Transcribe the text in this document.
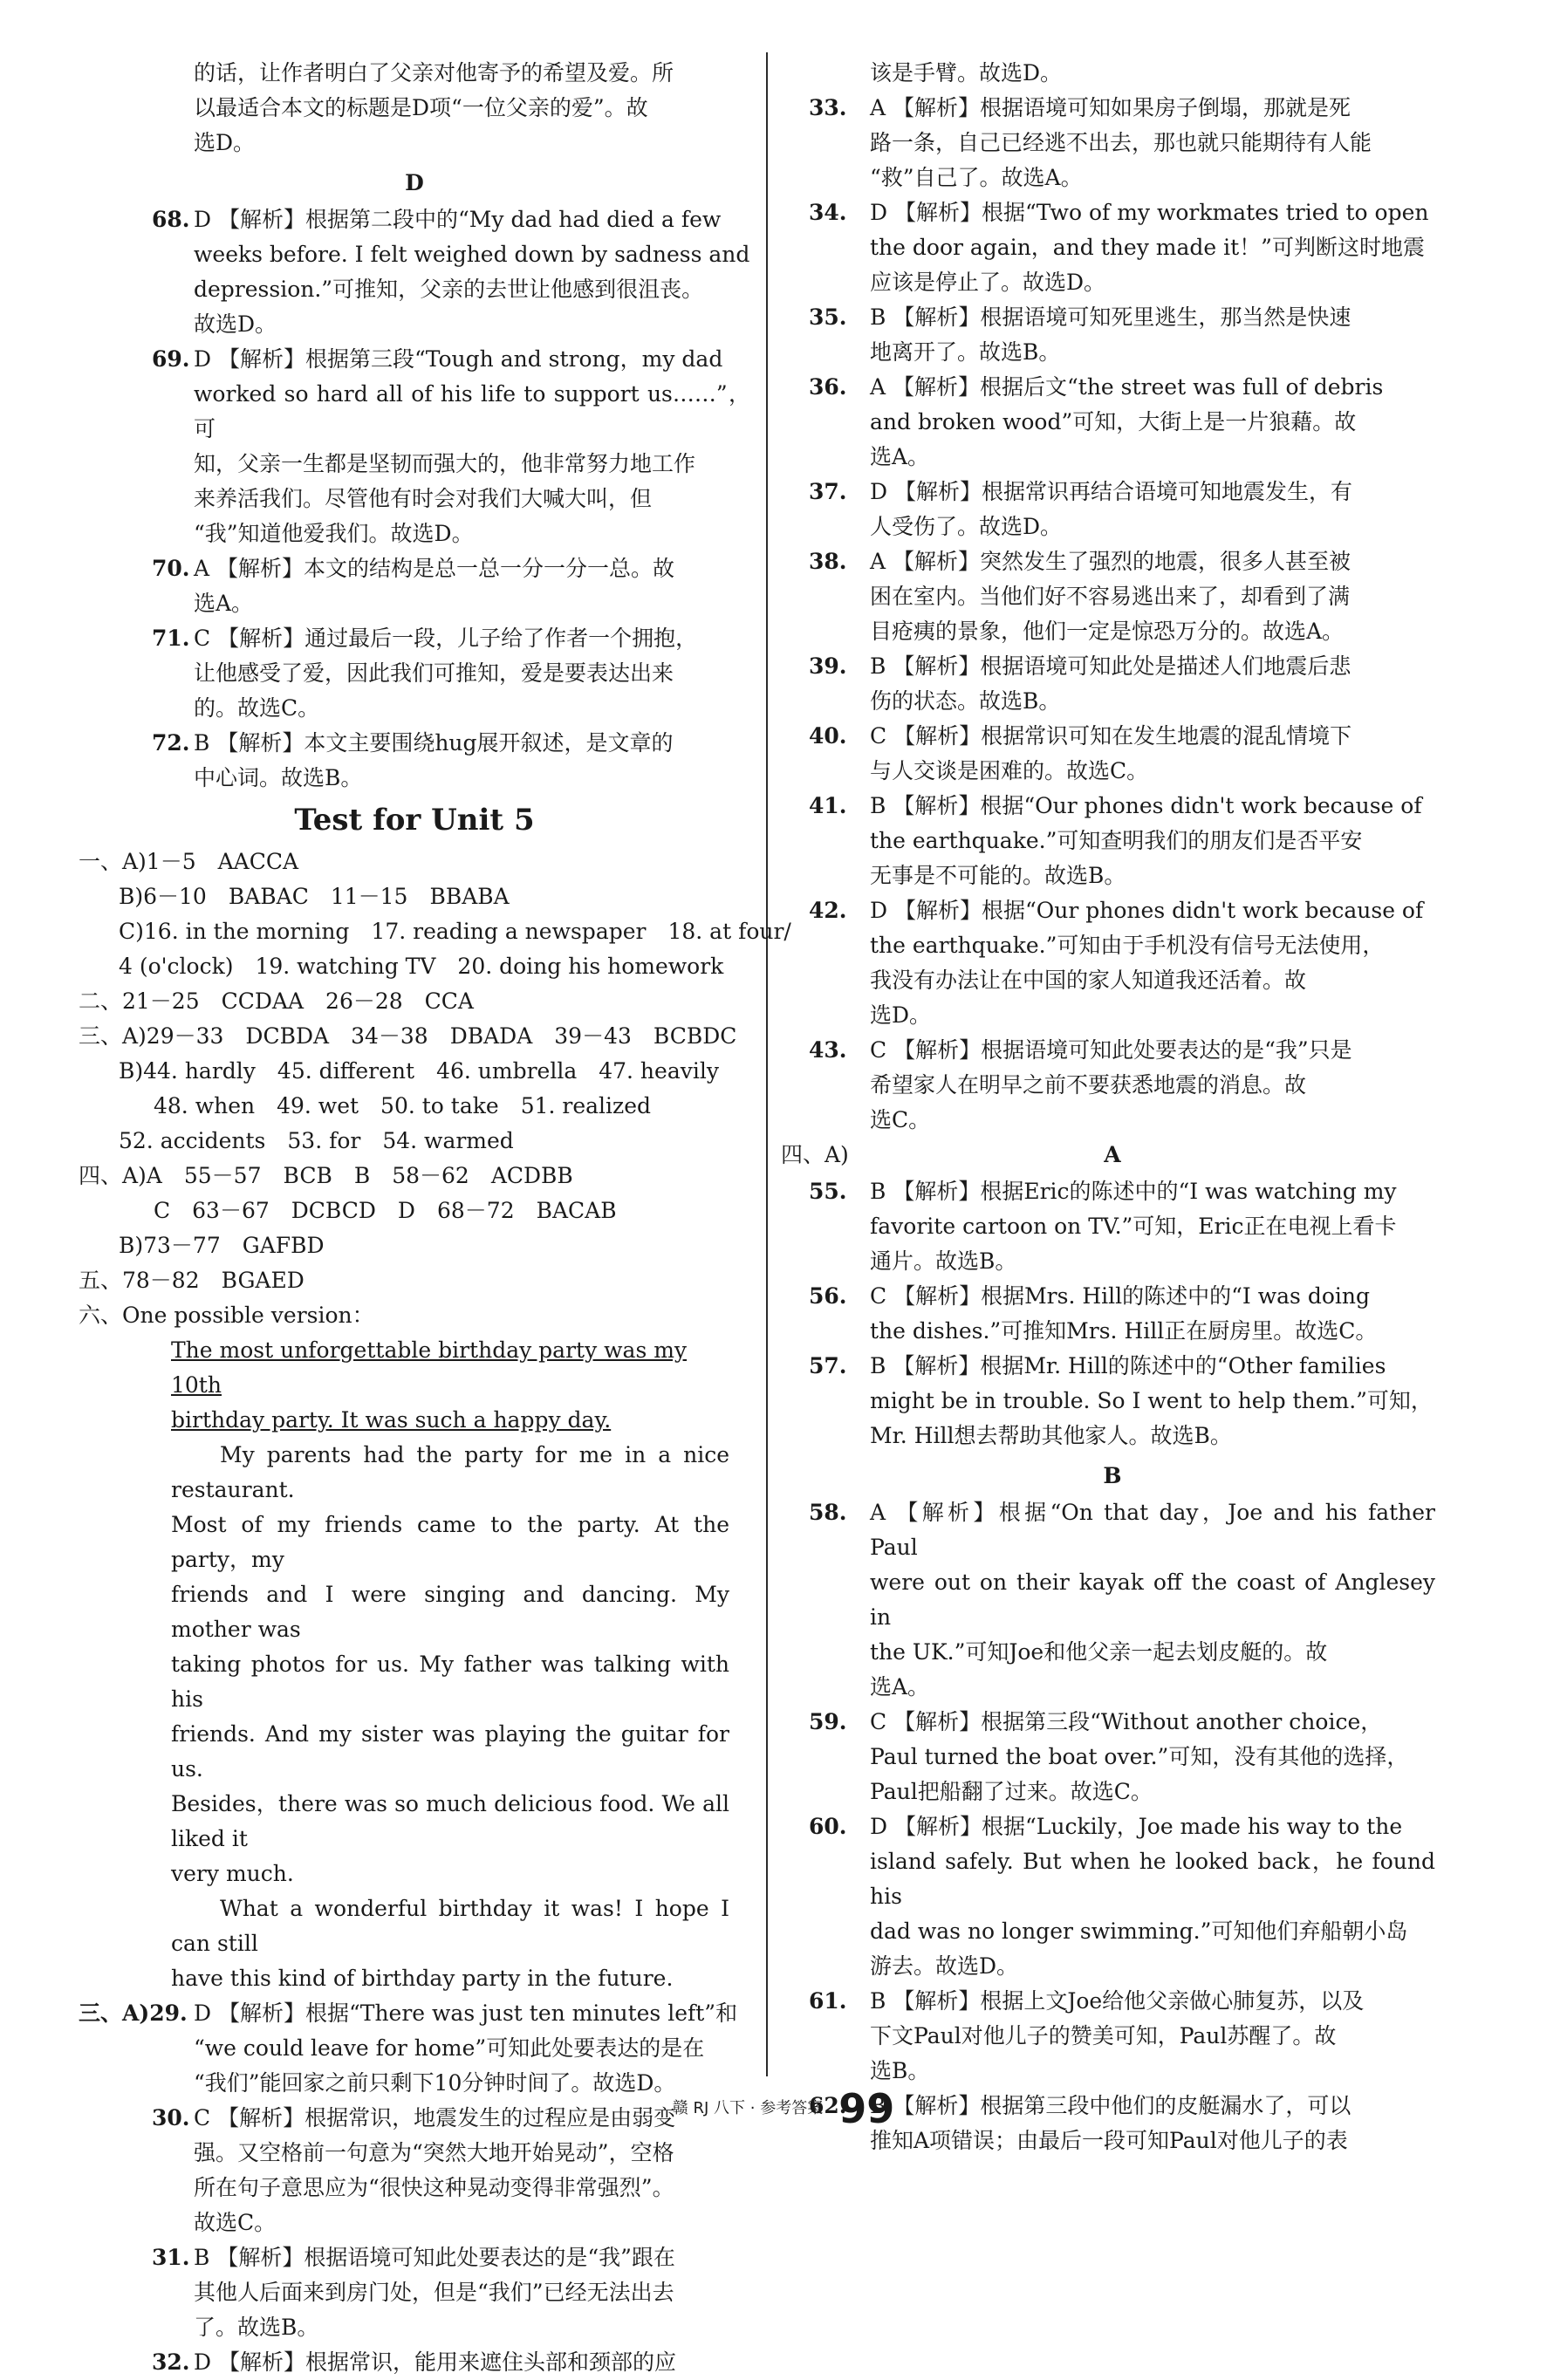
的话，让作者明白了父亲对他寄予的希望及爱。所
以最适合本文的标题是D项“一位父亲的爱”。故
选D。
D
68. D 【解析】根据第二段中的“My dad had died a few
weeks before. I felt weighed down by sadness and
depression.”可推知，父亲的去世让他感到很沮丧。
故选D。
69. D 【解析】根据第三段“Tough and strong，my dad
worked so hard all of his life to support us……”，可
知，父亲一生都是坚韧而强大的，他非常努力地工作
来养活我们。尽管他有时会对我们大喊大叫，但
“我”知道他爱我们。故选D。
70. A 【解析】本文的结构是总一总一分一分一总。故
选A。
71. C 【解析】通过最后一段，儿子给了作者一个拥抱，
让他感受了爱，因此我们可推知，爱是要表达出来
的。故选C。
72. B 【解析】本文主要围绕hug展开叙述，是文章的
中心词。故选B。
Test for Unit 5
一、A)1－5　AACCA
B)6－10　BABAC　11－15　BBABA
C)16. in the morning　17. reading a newspaper　18. at four/
4 (o'clock)　19. watching TV　20. doing his homework
二、21－25　CCDAA　26－28　CCA
三、A)29－33　DCBDA　34－38　DBADA　39－43　BCBDC
B)44. hardly　45. different　46. umbrella　47. heavily
48. when　49. wet　50. to take　51. realized
52. accidents　53. for　54. warmed
四、A)A　55－57　BCB　B　58－62　ACDBB
C　63－67　DCBCD　D　68－72　BACAB
B)73－77　GAFBD
五、78－82　BGAED
六、One possible version：
The most unforgettable birthday party was my 10th
birthday party. It was such a happy day.
My parents had the party for me in a nice restaurant.
Most of my friends came to the party. At the party，my
friends and I were singing and dancing. My mother was
taking photos for us. My father was talking with his
friends. And my sister was playing the guitar for us.
Besides，there was so much delicious food. We all liked it
very much.
What a wonderful birthday it was! I hope I can still
have this kind of birthday party in the future.
三、A)29. D 【解析】根据“There was just ten minutes left”和
“we could leave for home”可知此处要表达的是在
“我们”能回家之前只剩下10分钟时间了。故选D。
30. C 【解析】根据常识，地震发生的过程应是由弱变
强。又空格前一句意为“突然大地开始晃动”，空格
所在句子意思应为“很快这种晃动变得非常强烈”。
故选C。
31. B 【解析】根据语境可知此处要表达的是“我”跟在
其他人后面来到房门处，但是“我们”已经无法出去
了。故选B。
32. D 【解析】根据常识，能用来遮住头部和颈部的应
该是手臂。故选D。
33. A 【解析】根据语境可知如果房子倒塌，那就是死
路一条，自己已经逃不出去，那也就只能期待有人能
“救”自己了。故选A。
34. D 【解析】根据“Two of my workmates tried to open
the door again，and they made it！”可判断这时地震
应该是停止了。故选D。
35. B 【解析】根据语境可知死里逃生，那当然是快速
地离开了。故选B。
36. A 【解析】根据后文“the street was full of debris
and broken wood”可知，大街上是一片狼藉。故
选A。
37. D 【解析】根据常识再结合语境可知地震发生，有
人受伤了。故选D。
38. A 【解析】突然发生了强烈的地震，很多人甚至被
困在室内。当他们好不容易逃出来了，却看到了满
目疮痍的景象，他们一定是惊恐万分的。故选A。
39. B 【解析】根据语境可知此处是描述人们地震后悲
伤的状态。故选B。
40. C 【解析】根据常识可知在发生地震的混乱情境下
与人交谈是困难的。故选C。
41. B 【解析】根据“Our phones didn't work because of
the earthquake.”可知查明我们的朋友们是否平安
无事是不可能的。故选B。
42. D 【解析】根据“Our phones didn't work because of
the earthquake.”可知由于手机没有信号无法使用，
我没有办法让在中国的家人知道我还活着。故
选D。
43. C 【解析】根据语境可知此处要表达的是“我”只是
希望家人在明早之前不要获悉地震的消息。故
选C。
四、A)	A
55. B 【解析】根据Eric的陈述中的“I was watching my
favorite cartoon on TV.”可知，Eric正在电视上看卡
通片。故选B。
56. C 【解析】根据Mrs. Hill的陈述中的“I was doing
the dishes.”可推知Mrs. Hill正在厨房里。故选C。
57. B 【解析】根据Mr. Hill的陈述中的“Other families
might be in trouble. So I went to help them.”可知，
Mr. Hill想去帮助其他家人。故选B。
B
58. A 【解析】根据“On that day，Joe and his father Paul
were out on their kayak off the coast of Anglesey in
the UK.”可知Joe和他父亲一起去划皮艇的。故
选A。
59. C 【解析】根据第三段“Without another choice，
Paul turned the boat over.”可知，没有其他的选择，
Paul把船翻了过来。故选C。
60. D 【解析】根据“Luckily，Joe made his way to the
island safely. But when he looked back，he found his
dad was no longer swimming.”可知他们弃船朝小岛
游去。故选D。
61. B 【解析】根据上文Joe给他父亲做心肺复苏，以及
下文Paul对他儿子的赞美可知，Paul苏醒了。故
选B。
62. B 【解析】根据第三段中他们的皮艇漏水了，可以
推知A项错误；由最后一段可知Paul对他儿子的表
赣 RJ 八下 · 参考答案 99
